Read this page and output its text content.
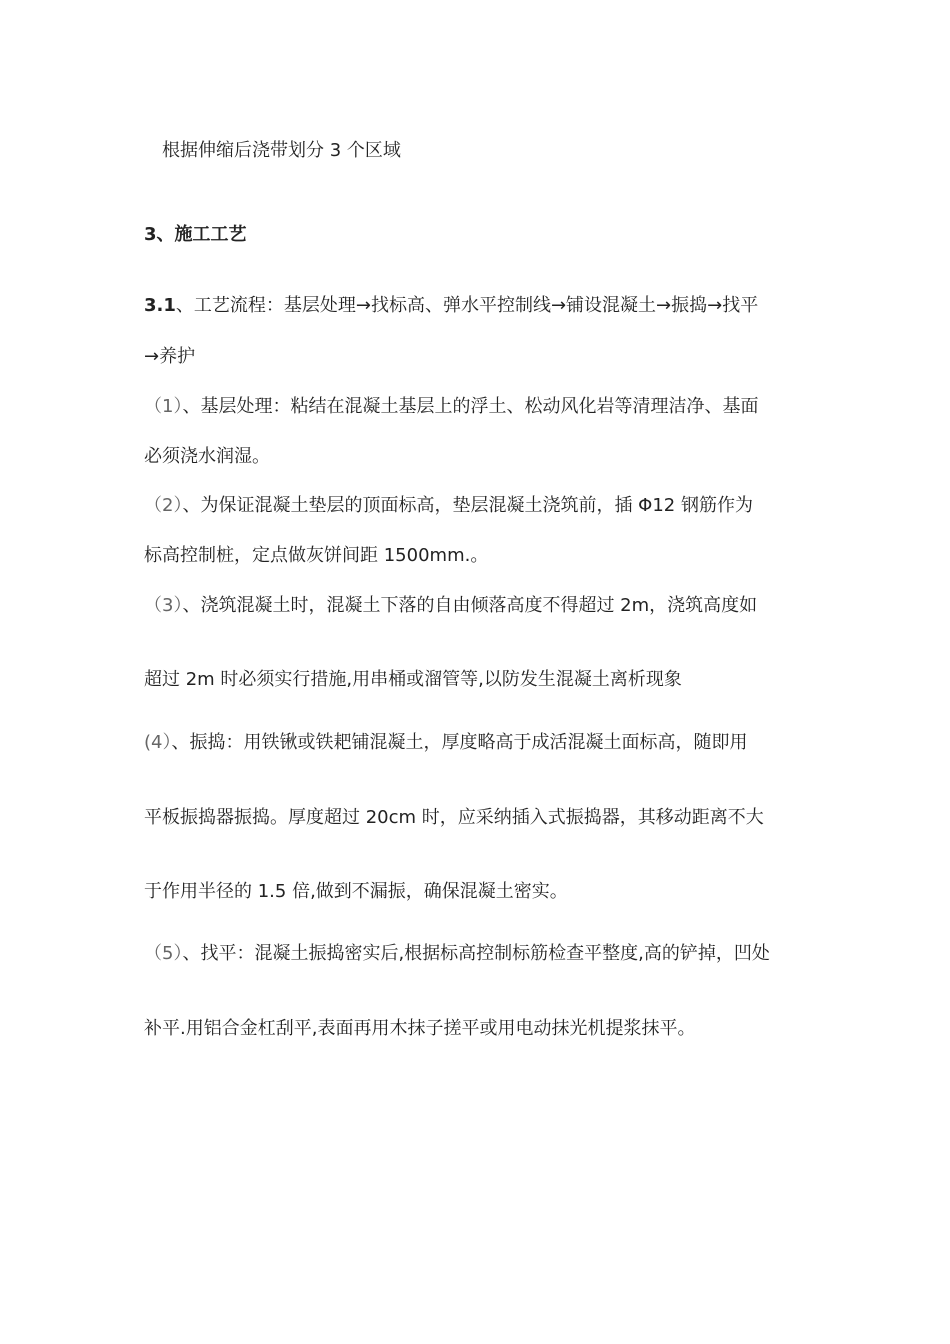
根据伸缩后浇带划分 3 个区域
3、施工工艺
3.1、工艺流程：基层处理→找标高、弹水平控制线→铺设混凝土→振捣→找平
→养护
（1）、基层处理：粘结在混凝土基层上的浮土、松动风化岩等清理洁净、基面
必须浇水润湿。
（2）、为保证混凝土垫层的顶面标高，垫层混凝土浇筑前，插 Φ12 钢筋作为
标高控制桩，定点做灰饼间距 1500mm.。
（3）、浇筑混凝土时，混凝土下落的自由倾落高度不得超过 2m，浇筑高度如
超过 2m 时必须实行措施,用串桶或溜管等,以防发生混凝土离析现象
(4）、振捣：用铁锹或铁耙铺混凝土，厚度略高于成活混凝土面标高，随即用
平板振捣器振捣。厚度超过 20cm 时，应采纳插入式振捣器，其移动距离不大
于作用半径的 1.5 倍,做到不漏振，确保混凝土密实。
（5）、找平：混凝土振捣密实后,根据标高控制标筋检查平整度,高的铲掉，凹处
补平.用铝合金杠刮平,表面再用木抹子搓平或用电动抹光机提浆抹平。
